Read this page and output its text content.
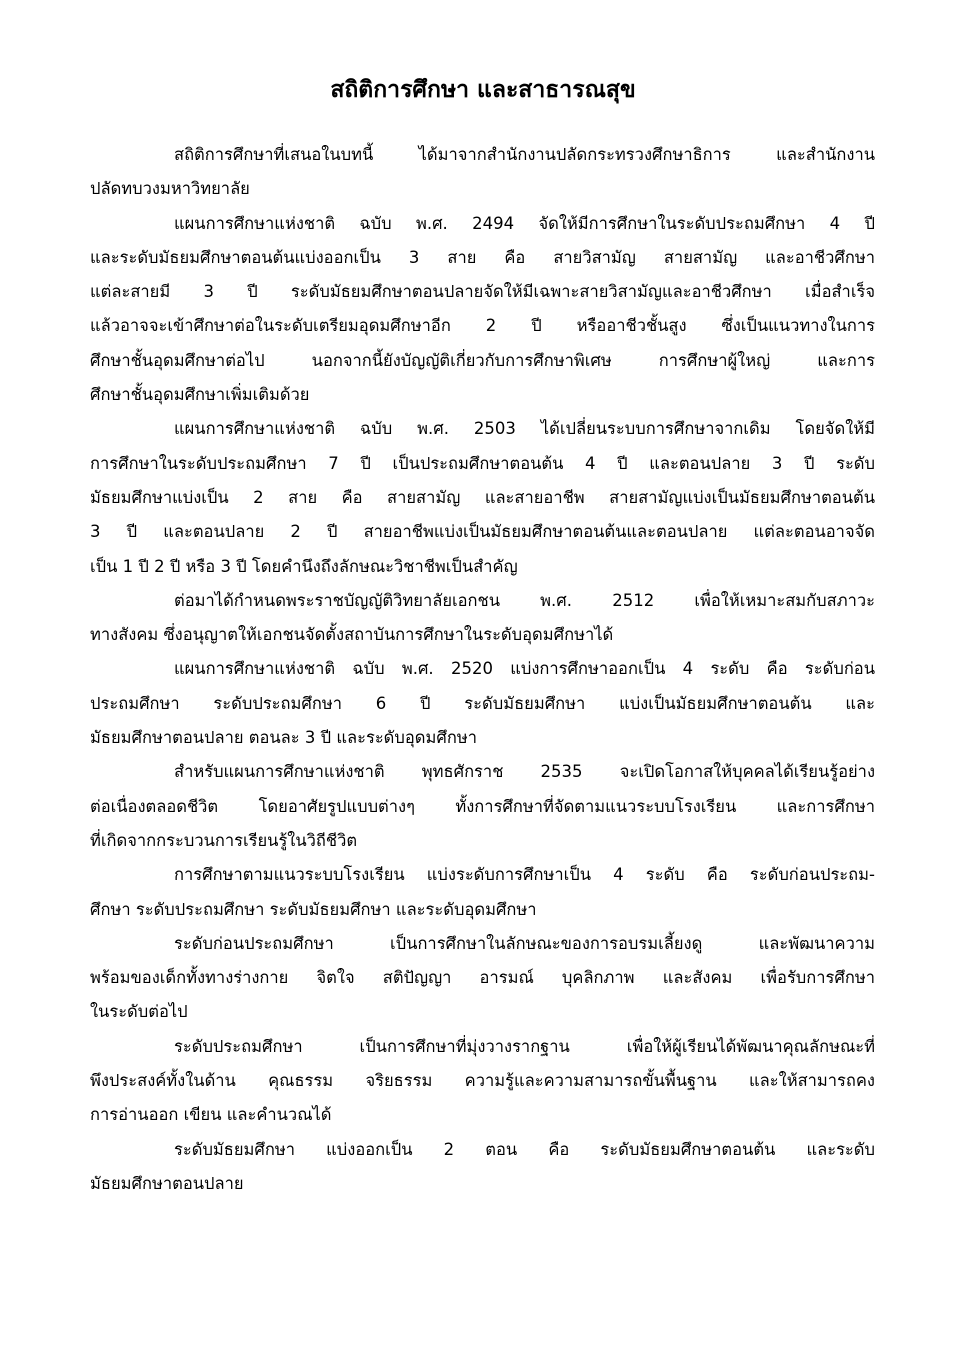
สถิติการศึกษา และสาธารณสุข

สถิติการศึกษาที่เสนอในบทนี้ ได้มาจากสำนักงานปลัดกระทรวงศึกษาธิการ และสำนักงาน
ปลัดทบวงมหาวิทยาลัย

แผนการศึกษาแห่งชาติ ฉบับ พ.ศ. 2494 จัดให้มีการศึกษาในระดับประถมศึกษา 4 ปี
และระดับมัธยมศึกษาตอนต้นแบ่งออกเป็น 3 สาย คือ สายวิสามัญ สายสามัญ และอาชีวศึกษา
แต่ละสายมี 3 ปี ระดับมัธยมศึกษาตอนปลายจัดให้มีเฉพาะสายวิสามัญและอาชีวศึกษา เมื่อสำเร็จ
แล้วอาจจะเข้าศึกษาต่อในระดับเตรียมอุดมศึกษาอีก 2 ปี หรืออาชีวชั้นสูง ซึ่งเป็นแนวทางในการ
ศึกษาชั้นอุดมศึกษาต่อไป นอกจากนี้ยังบัญญัติเกี่ยวกับการศึกษาพิเศษ การศึกษาผู้ใหญ่ และการ
ศึกษาชั้นอุดมศึกษาเพิ่มเติมด้วย

แผนการศึกษาแห่งชาติ ฉบับ พ.ศ. 2503 ได้เปลี่ยนระบบการศึกษาจากเดิม โดยจัดให้มี
การศึกษาในระดับประถมศึกษา 7 ปี เป็นประถมศึกษาตอนต้น 4 ปี และตอนปลาย 3 ปี ระดับ
มัธยมศึกษาแบ่งเป็น 2 สาย คือ สายสามัญ และสายอาชีพ สายสามัญแบ่งเป็นมัธยมศึกษาตอนต้น
3 ปี และตอนปลาย 2 ปี สายอาชีพแบ่งเป็นมัธยมศึกษาตอนต้นและตอนปลาย แต่ละตอนอาจจัด
เป็น 1 ปี 2 ปี หรือ 3 ปี โดยคำนึงถึงลักษณะวิชาชีพเป็นสำคัญ

ต่อมาได้กำหนดพระราชบัญญัติวิทยาลัยเอกชน พ.ศ. 2512 เพื่อให้เหมาะสมกับสภาวะ
ทางสังคม ซึ่งอนุญาตให้เอกชนจัดตั้งสถาบันการศึกษาในระดับอุดมศึกษาได้

แผนการศึกษาแห่งชาติ ฉบับ พ.ศ. 2520 แบ่งการศึกษาออกเป็น 4 ระดับ คือ ระดับก่อน
ประถมศึกษา ระดับประถมศึกษา 6 ปี ระดับมัธยมศึกษา แบ่งเป็นมัธยมศึกษาตอนต้น และ
มัธยมศึกษาตอนปลาย ตอนละ 3 ปี และระดับอุดมศึกษา

สำหรับแผนการศึกษาแห่งชาติ พุทธศักราช 2535 จะเปิดโอกาสให้บุคคลได้เรียนรู้อย่าง
ต่อเนื่องตลอดชีวิต โดยอาศัยรูปแบบต่างๆ ทั้งการศึกษาที่จัดตามแนวระบบโรงเรียน และการศึกษา
ที่เกิดจากกระบวนการเรียนรู้ในวิถีชีวิต

การศึกษาตามแนวระบบโรงเรียน แบ่งระดับการศึกษาเป็น 4 ระดับ คือ ระดับก่อนประถม-
ศึกษา ระดับประถมศึกษา ระดับมัธยมศึกษา และระดับอุดมศึกษา

ระดับก่อนประถมศึกษา เป็นการศึกษาในลักษณะของการอบรมเลี้ยงดู และพัฒนาความ
พร้อมของเด็กทั้งทางร่างกาย จิตใจ สติปัญญา อารมณ์ บุคลิกภาพ และสังคม เพื่อรับการศึกษา
ในระดับต่อไป

ระดับประถมศึกษา เป็นการศึกษาที่มุ่งวางรากฐาน เพื่อให้ผู้เรียนได้พัฒนาคุณลักษณะที่
พึงประสงค์ทั้งในด้าน คุณธรรม จริยธรรม ความรู้และความสามารถขั้นพื้นฐาน และให้สามารถคง
การอ่านออก เขียน และคำนวณได้

ระดับมัธยมศึกษา แบ่งออกเป็น 2 ตอน คือ ระดับมัธยมศึกษาตอนต้น และระดับ
มัธยมศึกษาตอนปลาย
